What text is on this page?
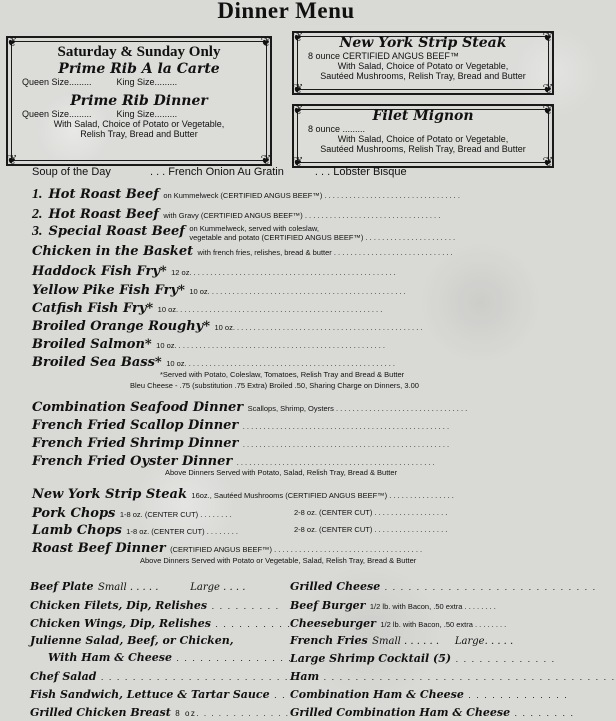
Dinner Menu
❦	❦
❦	❦
Saturday & Sunday Only
Prime Rib A la Carte
Queen Size.........          King Size.........
Prime Rib Dinner
Queen Size.........          King Size.........
With Salad, Choice of Potato or Vegetable,
Relish Tray, Bread and Butter
❦	❦
❦	❦
New York Strip Steak
8 ounce CERTIFIED ANGUS BEEF™
With Salad, Choice of Potato or Vegetable,
Sautéed Mushrooms, Relish Tray, Bread and Butter
❦	❦
❦	❦
Filet Mignon
8 ounce .........
With Salad, Choice of Potato or Vegetable,
Sautéed Mushrooms, Relish Tray, Bread and Butter
Soup of the Day	. . . French Onion Au Gratin	. . . Lobster Bisque
1. Hot Roast Beef on Kummelweck (CERTIFIED ANGUS BEEF™) . . . . . . . . . . . . . . . . . . . . . . . . . . . . . . . . .
2. Hot Roast Beef with Gravy (CERTIFIED ANGUS BEEF™) . . . . . . . . . . . . . . . . . . . . . . . . . . . . . . . . .
3. Special Roast Beef on Kummelweck, served with coleslaw,
vegetable and potato (CERTIFIED ANGUS BEEF™) . . . . . . . . . . . . . . . . . . . . . .
Chicken in the Basket with french fries, relishes, bread & butter . . . . . . . . . . . . . . . . . . . . . . . . . . . . .
Haddock Fish Fry* 12 oz. . . . . . . . . . . . . . . . . . . . . . . . . . . . . . . . . . . . . . . . . . . . . . . . . .
Yellow Pike Fish Fry* 10 oz. . . . . . . . . . . . . . . . . . . . . . . . . . . . . . . . . . . . . . . . . . . . . . . .
Catfish Fish Fry* 10 oz. . . . . . . . . . . . . . . . . . . . . . . . . . . . . . . . . . . . . . . . . . . . . . . . . .
Broiled Orange Roughy* 10 oz. . . . . . . . . . . . . . . . . . . . . . . . . . . . . . . . . . . . . . . . . . . . . .
Broiled Salmon* 10 oz. . . . . . . . . . . . . . . . . . . . . . . . . . . . . . . . . . . . . . . . . . . . . . . . . . .
Broiled Sea Bass* 10 oz. . . . . . . . . . . . . . . . . . . . . . . . . . . . . . . . . . . . . . . . . . . . . . . . . . .
*Served with Potato, Coleslaw, Tomatoes, Relish Tray and Bread & Butter
Bleu Cheese - .75 (substitution .75 Extra) Broiled .50, Sharing Charge on Dinners, 3.00
Combination Seafood Dinner Scallops, Shrimp, Oysters . . . . . . . . . . . . . . . . . . . . . . . . . . . . . . . .
French Fried Scallop Dinner . . . . . . . . . . . . . . . . . . . . . . . . . . . . . . . . . . . . . . . . . . . . . . . . . .
French Fried Shrimp Dinner . . . . . . . . . . . . . . . . . . . . . . . . . . . . . . . . . . . . . . . . . . . . . . . . . .
French Fried Oyster Dinner . . . . . . . . . . . . . . . . . . . . . . . . . . . . . . . . . . . . . . . . . . . . . . . .
Above Dinners Served with Potato, Salad, Relish Tray, Bread & Butter
New York Strip Steak 16oz., Sautéed Mushrooms (CERTIFIED ANGUS BEEF™) . . . . . . . . . . . . . . . .
Pork Chops 1-8 oz. (CENTER CUT) . . . . . . . .	2-8 oz. (CENTER CUT) . . . . . . . . . . . . . . . . . .
Lamb Chops 1-8 oz. (CENTER CUT) . . . . . . . .	2-8 oz. (CENTER CUT) . . . . . . . . . . . . . . . . . .
Roast Beef Dinner (CERTIFIED ANGUS BEEF™) . . . . . . . . . . . . . . . . . . . . . . . . . . . . . . . . . . . .
Above Dinners Served with Potato or Vegetable, Salad, Relish Tray, Bread & Butter
Beef Plate Small . . . . .          Large . . . .
Chicken Filets, Dip, Relishes . . . . . . . . .
Chicken Wings, Dip, Relishes . . . . . . . . . .
Julienne Salad, Beef, or Chicken,
With Ham & Cheese . . . . . . . . . . . . . . .
Chef Salad . . . . . . . . . . . . . . . . . . . . . . . . .
Fish Sandwich, Lettuce & Tartar Sauce . .
Grilled Chicken Breast 8 oz. . . . . . . . . . . . .
Grilled Cheese . . . . . . . . . . . . . . . . . . . . . . . . . . .
Beef Burger 1/2 lb. with Bacon, .50 extra . . . . . . . .
Cheeseburger 1/2 lb. with Bacon, .50 extra . . . . . . . .
French Fries Small . . . . . .     Large. . . . .
Large Shrimp Cocktail (5) . . . . . . . . . . . . .
Ham . . . . . . . . . . . . . . . . . . . . . . . . . . . . . . . . . . . . .
Combination Ham & Cheese . . . . . . . . . . . . .
Grilled Combination Ham & Cheese . . . . . . . .
